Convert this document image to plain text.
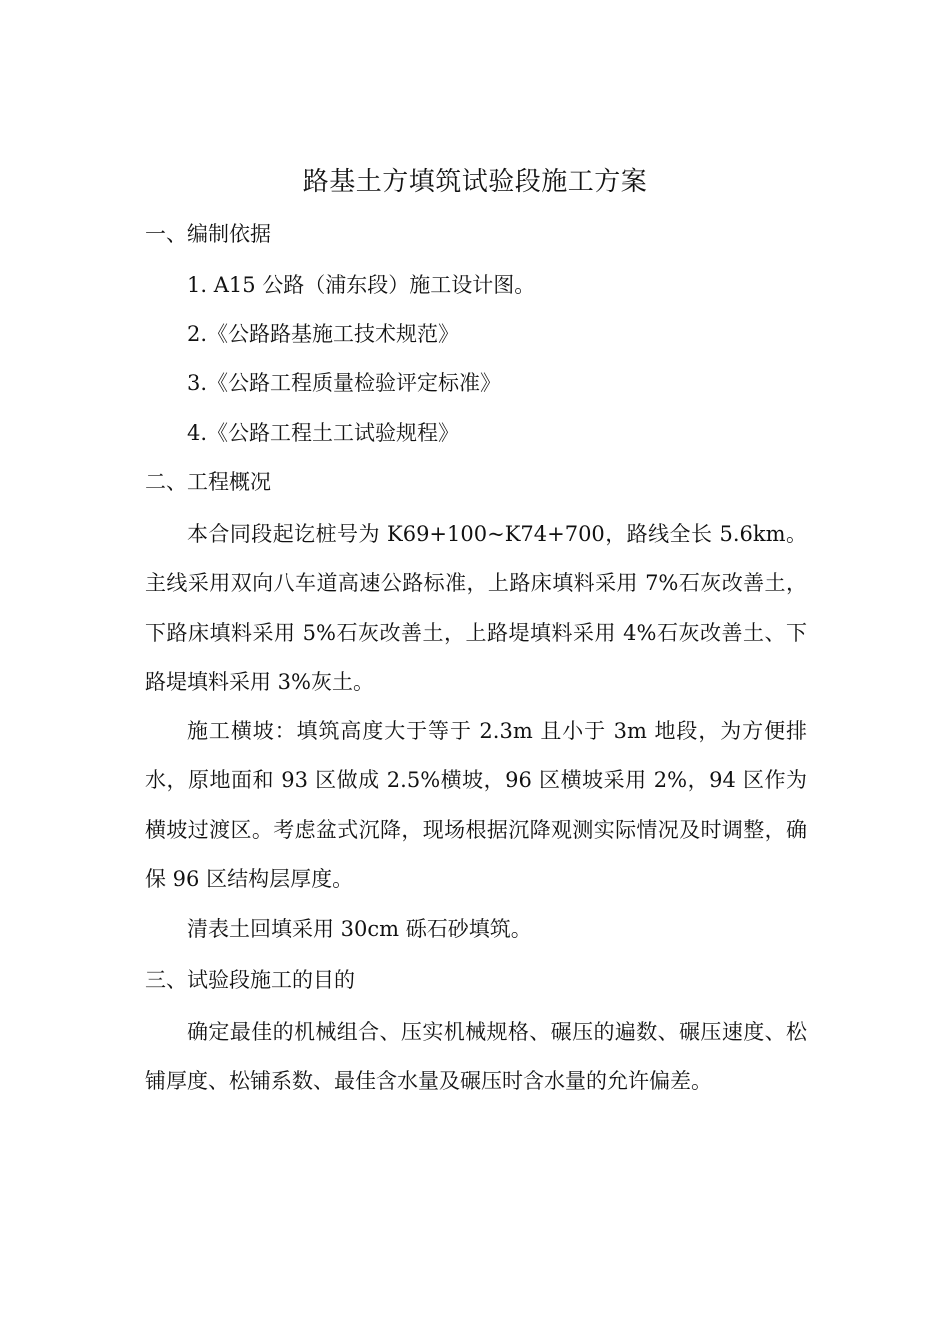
路基土方填筑试验段施工方案
一、编制依据
1. A15 公路（浦东段）施工设计图。
2.《公路路基施工技术规范》
3.《公路工程质量检验评定标准》
4.《公路工程土工试验规程》
二、工程概况
本合同段起讫桩号为 K69+100~K74+700，路线全长 5.6km。主线采用双向八车道高速公路标准，上路床填料采用 7%石灰改善土，下路床填料采用 5%石灰改善土，上路堤填料采用 4%石灰改善土、下路堤填料采用 3%灰土。
施工横坡：填筑高度大于等于 2.3m 且小于 3m 地段，为方便排水，原地面和 93 区做成 2.5%横坡，96 区横坡采用 2%，94 区作为横坡过渡区。考虑盆式沉降，现场根据沉降观测实际情况及时调整，确保 96 区结构层厚度。
清表土回填采用 30cm 砾石砂填筑。
三、试验段施工的目的
确定最佳的机械组合、压实机械规格、碾压的遍数、碾压速度、松铺厚度、松铺系数、最佳含水量及碾压时含水量的允许偏差。
